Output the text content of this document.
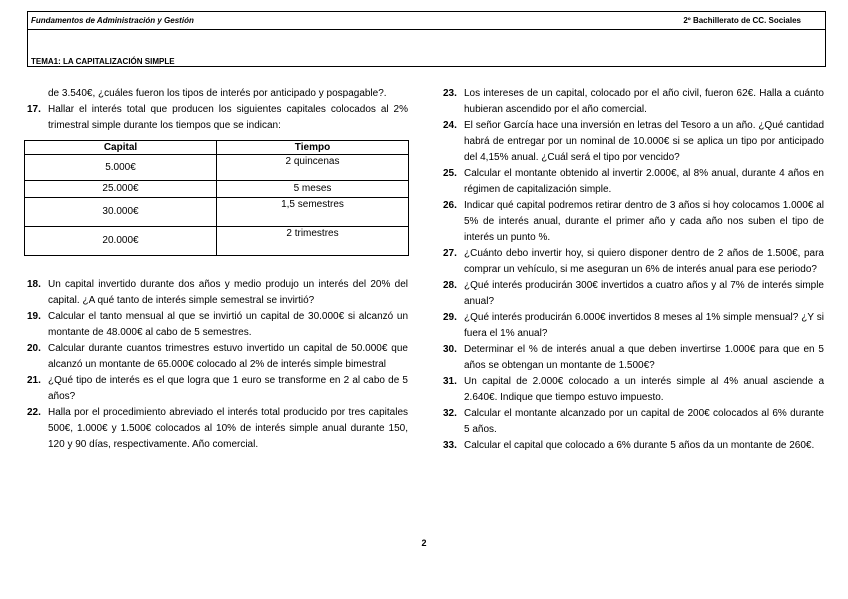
Fundamentos de Administración y Gestión	2º Bachillerato de CC. Sociales
TEMA1: LA CAPITALIZACIÓN SIMPLE

de 3.540€, ¿cuáles fueron los tipos de interés por anticipado y pospagable?.

17. Hallar el interés total que producen los siguientes capitales colocados al 2% trimestral simple durante los tiempos que se indican:
Capital	Tiempo
5.000€	2 quincenas
25.000€	5 meses
30.000€	1,5 semestres
20.000€	2 trimestres
18. Un capital invertido durante dos años y medio produjo un interés del 20% del capital. ¿A qué tanto de interés simple semestral se invirtió?
19. Calcular el tanto mensual al que se invirtió un capital de 30.000€ si alcanzó un montante de 48.000€ al cabo de 5 semestres.
20. Calcular durante cuantos trimestres estuvo invertido un capital de 50.000€ que alcanzó un montante de 65.000€ colocado al 2% de interés simple bimestral
21. ¿Qué tipo de interés es el que logra que 1 euro se transforme en 2 al cabo de 5 años?
22. Halla por el procedimiento abreviado el interés total producido por tres capitales 500€, 1.000€ y 1.500€ colocados al 10% de interés simple anual durante 150, 120 y 90 días, respectivamente. Año comercial.
23. Los intereses de un capital, colocado por el año civil, fueron 62€. Halla a cuánto hubieran ascendido por el año comercial.
24. El señor García hace una inversión en letras del Tesoro a un año. ¿Qué cantidad habrá de entregar por un nominal de 10.000€ si se aplica un tipo por anticipado del 4,15% anual. ¿Cuál será el tipo por vencido?
25. Calcular el montante obtenido al invertir 2.000€, al 8% anual, durante 4 años en régimen de capitalización simple.
26. Indicar qué capital podremos retirar dentro de 3 años si hoy colocamos 1.000€ al 5% de interés anual, durante el primer año y cada año nos suben el tipo de interés un punto %.
27. ¿Cuánto debo invertir hoy, si quiero disponer dentro de 2 años de 1.500€, para comprar un vehículo, si me aseguran un 6% de interés anual para ese periodo?
28. ¿Qué interés producirán 300€ invertidos a cuatro años y al 7% de interés simple anual?
29. ¿Qué interés producirán 6.000€ invertidos 8 meses al 1% simple mensual? ¿Y si fuera el 1% anual?
30. Determinar el % de interés anual a que deben invertirse 1.000€ para que en 5 años se obtengan un montante de 1.500€?
31. Un capital de 2.000€ colocado a un interés simple al 4% anual asciende a 2.640€. Indique que tiempo estuvo impuesto.
32. Calcular el montante alcanzado por un capital de 200€ colocados al 6% durante 5 años.
33. Calcular el capital que colocado a 6% durante 5 años da un montante de 260€.
2
